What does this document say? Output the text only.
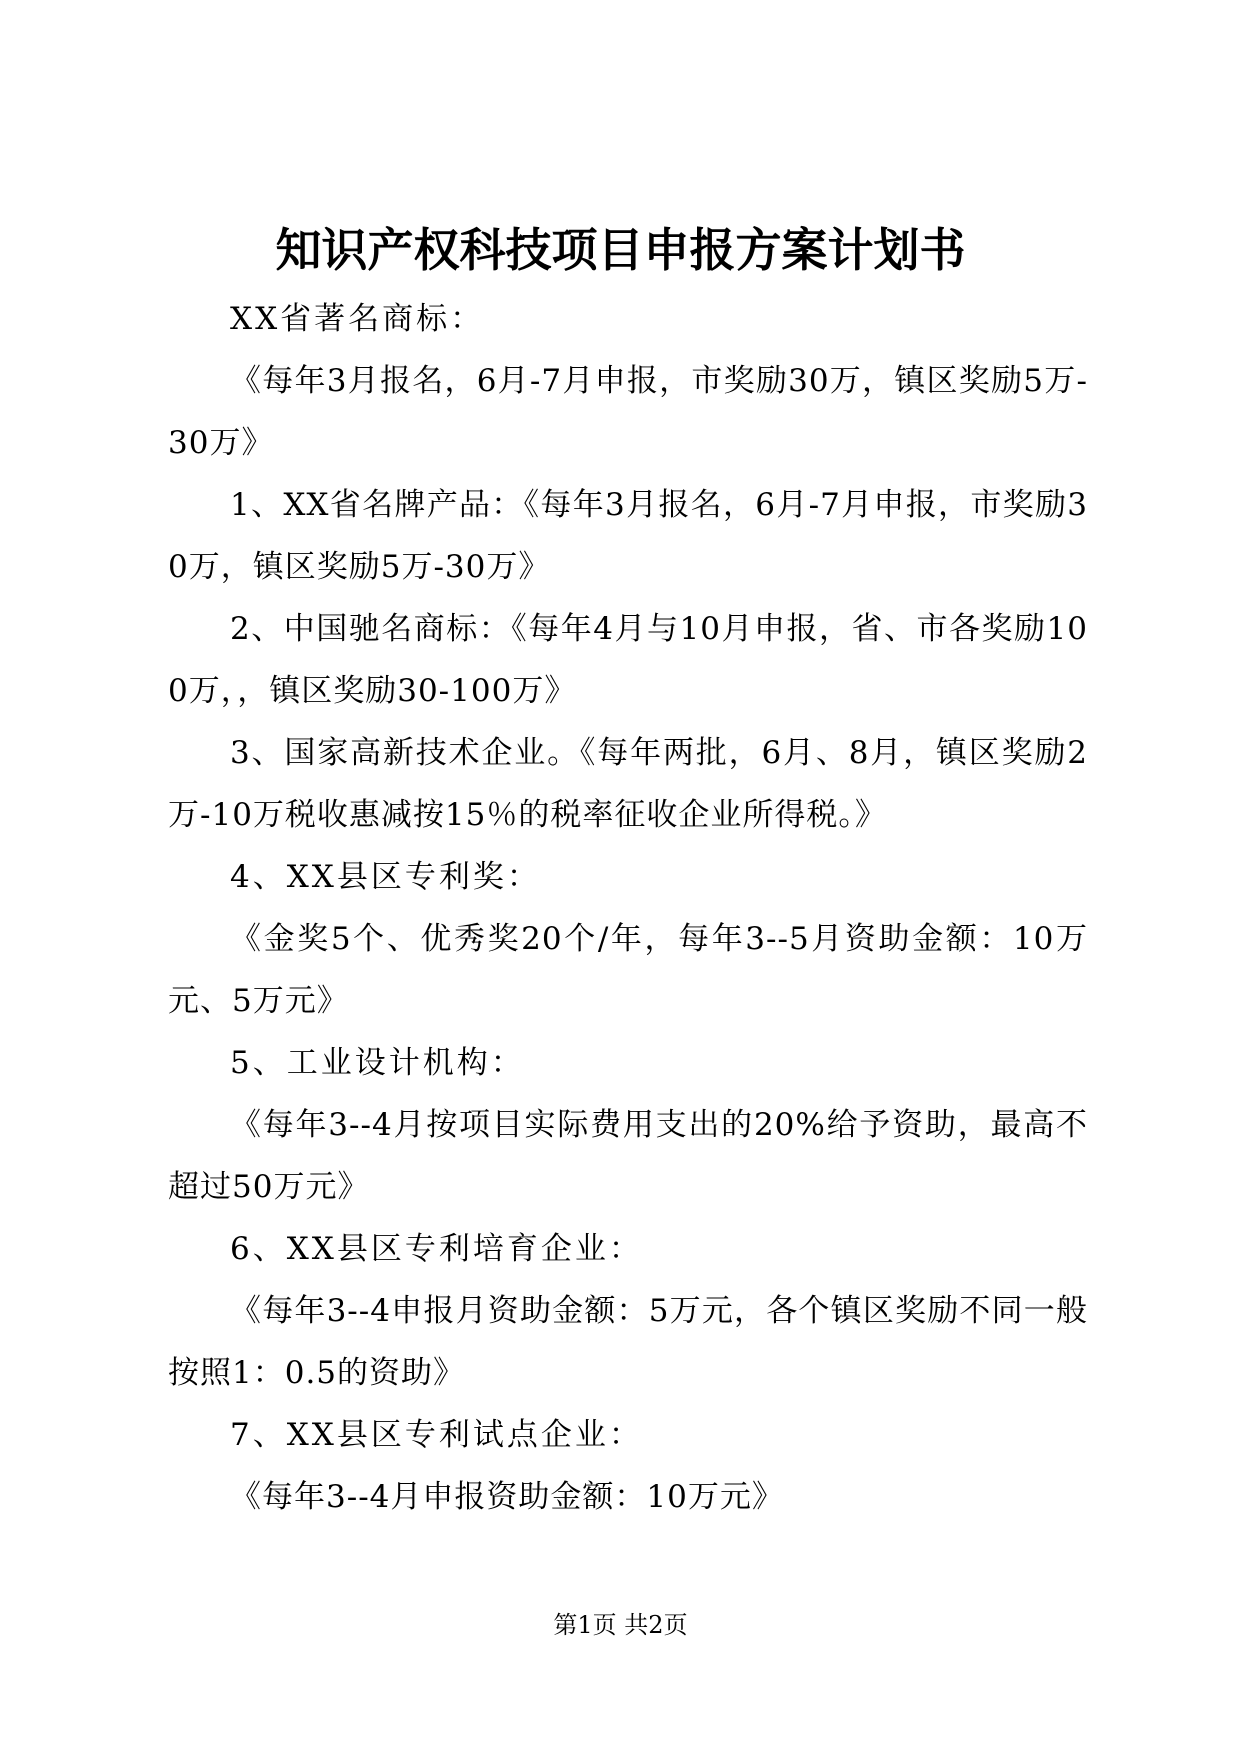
知识产权科技项目申报方案计划书

XX省著名商标：

《每年3月报名，6月-7月申报，市奖励30万，镇区奖励5万-30万》

1、XX省名牌产品：《每年3月报名，6月-7月申报，市奖励30万，镇区奖励5万-30万》

2、中国驰名商标：《每年4月与10月申报，省、市各奖励100万，，镇区奖励30-100万》

3、国家高新技术企业。《每年两批，6月、8月，镇区奖励2万-10万税收惠减按15％的税率征收企业所得税。》

4、XX县区专利奖：

《金奖5个、优秀奖20个/年，每年3--5月资助金额：10万元、5万元》

5、工业设计机构：

《每年3--4月按项目实际费用支出的20%给予资助，最高不超过50万元》

6、XX县区专利培育企业：

《每年3--4申报月资助金额：5万元，各个镇区奖励不同一般按照1：0.5的资助》

7、XX县区专利试点企业：

《每年3--4月申报资助金额：10万元》

第1页 共2页
